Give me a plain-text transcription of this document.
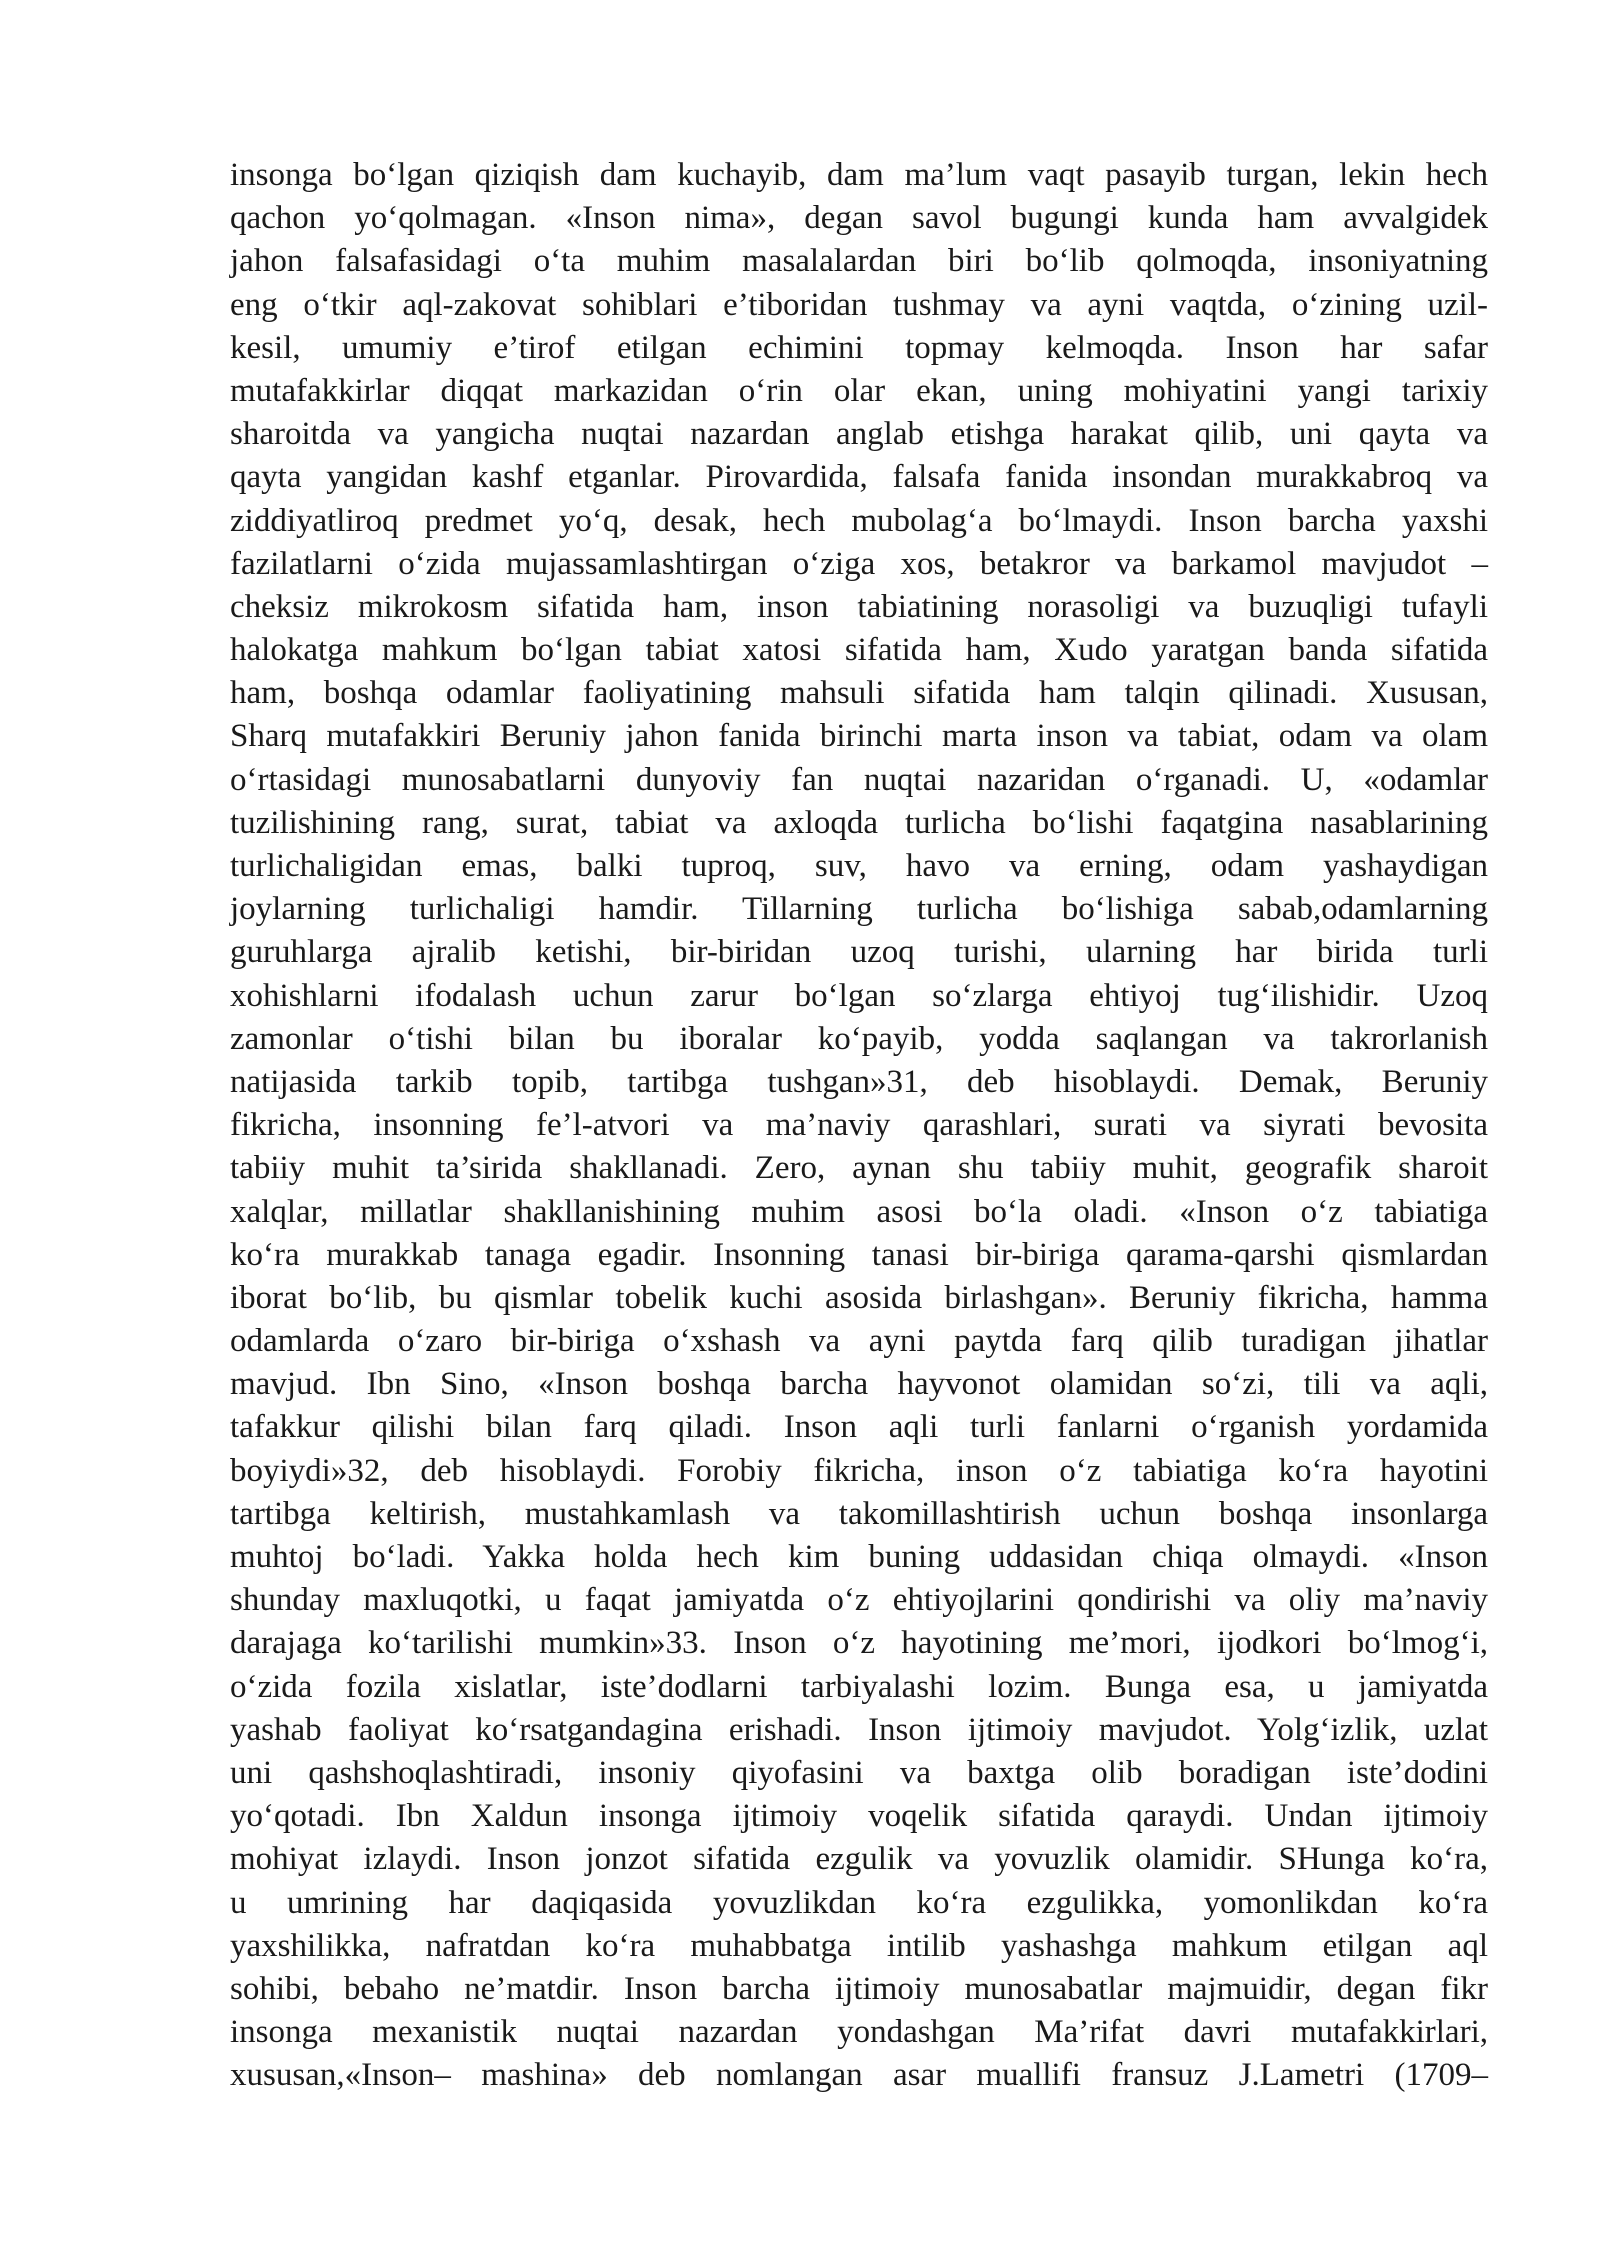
insonga bo‘lgan qiziqish dam kuchayib, dam ma’lum vaqt pasayib turgan, lekin hech
qachon yo‘qolmagan. «Inson nima», degan savol bugungi kunda ham avvalgidek
jahon falsafasidagi o‘ta muhim masalalardan biri bo‘lib qolmoqda, insoniyatning
eng o‘tkir aql-zakovat sohiblari e’tiboridan tushmay va ayni vaqtda, o‘zining uzil-
kesil, umumiy e’tirof etilgan echimini topmay kelmoqda. Inson har safar
mutafakkirlar diqqat markazidan o‘rin olar ekan, uning mohiyatini yangi tarixiy
sharoitda va yangicha nuqtai nazardan anglab etishga harakat qilib, uni qayta va
qayta yangidan kashf etganlar. Pirovardida, falsafa fanida insondan murakkabroq va
ziddiyatliroq predmet yo‘q, desak, hech mubolag‘a bo‘lmaydi. Inson barcha yaxshi
fazilatlarni o‘zida mujassamlashtirgan o‘ziga xos, betakror va barkamol mavjudot –
cheksiz mikrokosm sifatida ham, inson tabiatining norasoligi va buzuqligi tufayli
halokatga mahkum bo‘lgan tabiat xatosi sifatida ham, Xudo yaratgan banda sifatida
ham, boshqa odamlar faoliyatining mahsuli sifatida ham talqin qilinadi. Xususan,
Sharq mutafakkiri Beruniy jahon fanida birinchi marta inson va tabiat, odam va olam
o‘rtasidagi munosabatlarni dunyoviy fan nuqtai nazaridan o‘rganadi. U, «odamlar
tuzilishining rang, surat, tabiat va axloqda turlicha bo‘lishi faqatgina nasablarining
turlichaligidan emas, balki tuproq, suv, havo va erning, odam yashaydigan
joylarning turlichaligi hamdir. Tillarning turlicha bo‘lishiga sabab,odamlarning
guruhlarga ajralib ketishi, bir-biridan uzoq turishi, ularning har birida turli
xohishlarni ifodalash uchun zarur bo‘lgan so‘zlarga ehtiyoj tug‘ilishidir. Uzoq
zamonlar o‘tishi bilan bu iboralar ko‘payib, yodda saqlangan va takrorlanish
natijasida tarkib topib, tartibga tushgan»31, deb hisoblaydi. Demak, Beruniy
fikricha, insonning fe’l-atvori va ma’naviy qarashlari, surati va siyrati bevosita
tabiiy muhit ta’sirida shakllanadi. Zero, aynan shu tabiiy muhit, geografik sharoit
xalqlar, millatlar shakllanishining muhim asosi bo‘la oladi. «Inson o‘z tabiatiga
ko‘ra murakkab tanaga egadir. Insonning tanasi bir-biriga qarama-qarshi qismlardan
iborat bo‘lib, bu qismlar tobelik kuchi asosida birlashgan». Beruniy fikricha, hamma
odamlarda o‘zaro bir-biriga o‘xshash va ayni paytda farq qilib turadigan jihatlar
mavjud. Ibn Sino, «Inson boshqa barcha hayvonot olamidan so‘zi, tili va aqli,
tafakkur qilishi bilan farq qiladi. Inson aqli turli fanlarni o‘rganish yordamida
boyiydi»32, deb hisoblaydi. Forobiy fikricha, inson o‘z tabiatiga ko‘ra hayotini
tartibga keltirish, mustahkamlash va takomillashtirish uchun boshqa insonlarga
muhtoj bo‘ladi. Yakka holda hech kim buning uddasidan chiqa olmaydi. «Inson
shunday maxluqotki, u faqat jamiyatda o‘z ehtiyojlarini qondirishi va oliy ma’naviy
darajaga ko‘tarilishi mumkin»33. Inson o‘z hayotining me’mori, ijodkori bo‘lmog‘i,
o‘zida fozila xislatlar, iste’dodlarni tarbiyalashi lozim. Bunga esa, u jamiyatda
yashab faoliyat ko‘rsatgandagina erishadi. Inson ijtimoiy mavjudot. Yolg‘izlik, uzlat
uni qashshoqlashtiradi, insoniy qiyofasini va baxtga olib boradigan iste’dodini
yo‘qotadi. Ibn Xaldun insonga ijtimoiy voqelik sifatida qaraydi. Undan ijtimoiy
mohiyat izlaydi. Inson jonzot sifatida ezgulik va yovuzlik olamidir. SHunga ko‘ra,
u umrining har daqiqasida yovuzlikdan ko‘ra ezgulikka, yomonlikdan ko‘ra
yaxshilikka, nafratdan ko‘ra muhabbatga intilib yashashga mahkum etilgan aql
sohibi, bebaho ne’matdir. Inson barcha ijtimoiy munosabatlar majmuidir, degan fikr
insonga mexanistik nuqtai nazardan yondashgan Ma’rifat davri mutafakkirlari,
xususan,«Inson– mashina» deb nomlangan asar muallifi fransuz J.Lametri (1709–
